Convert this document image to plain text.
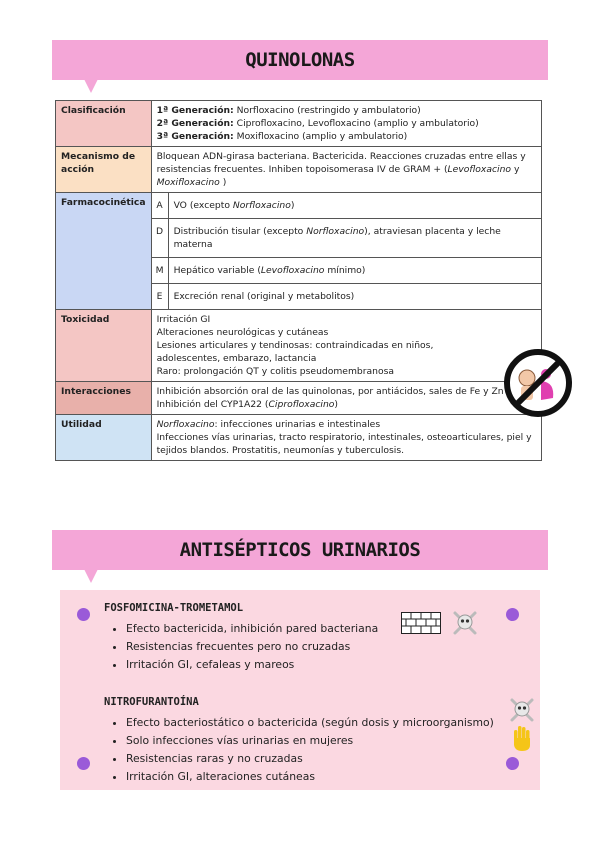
QUINOLONAS
Clasificación	1ª Generación: Norfloxacino (restringido y ambulatorio)
2ª Generación: Ciprofloxacino, Levofloxacino (amplio y ambulatorio)
3ª Generación: Moxifloxacino (amplio y ambulatorio)	

Mecanismo de acción	Bloquean ADN-girasa bacteriana. Bactericida. Reacciones cruzadas entre ellas y resistencias frecuentes. Inhiben topoisomerasa IV de GRAM + (Levofloxacino y Moxifloxacino )	
Farmacocinética	A	VO (excepto Norfloxacino)
	D	Distribución tisular (excepto Norfloxacino), atraviesan placenta y leche materna
	M	Hepático variable (Levofloxacino mínimo)
	E	Excreción renal (original y metabolitos)
Toxicidad	Irritación GI
Alteraciones neurológicas y cutáneas
Lesiones articulares y tendinosas: contraindicadas en niños, adolescentes, embarazo, lactancia
Raro: prolongación QT y colitis pseudomembranosa	

Interacciones	Inhibición absorción oral de las quinolonas, por antiácidos, sales de Fe y Zn
Inhibición del CYP1A22 (Ciprofloxacino)	

Utilidad	Norfloxacino: infecciones urinarias e intestinales
Infecciones vías urinarias, tracto respiratorio, intestinales, osteoarticulares, piel y tejidos blandos. Prostatitis, neumonías y tuberculosis.	
ANTISÉPTICOS URINARIOS
FOSFOMICINA-TROMETAMOL
• Efecto bactericida, inhibición pared bacteriana
• Resistencias frecuentes pero no cruzadas
• Irritación GI, cefaleas y mareos
NITROFURANTOÍNA
• Efecto bacteriostático o bactericida (según dosis y microorganismo)
• Solo infecciones vías urinarias en mujeres
• Resistencias raras y no cruzadas
• Irritación GI, alteraciones cutáneas
